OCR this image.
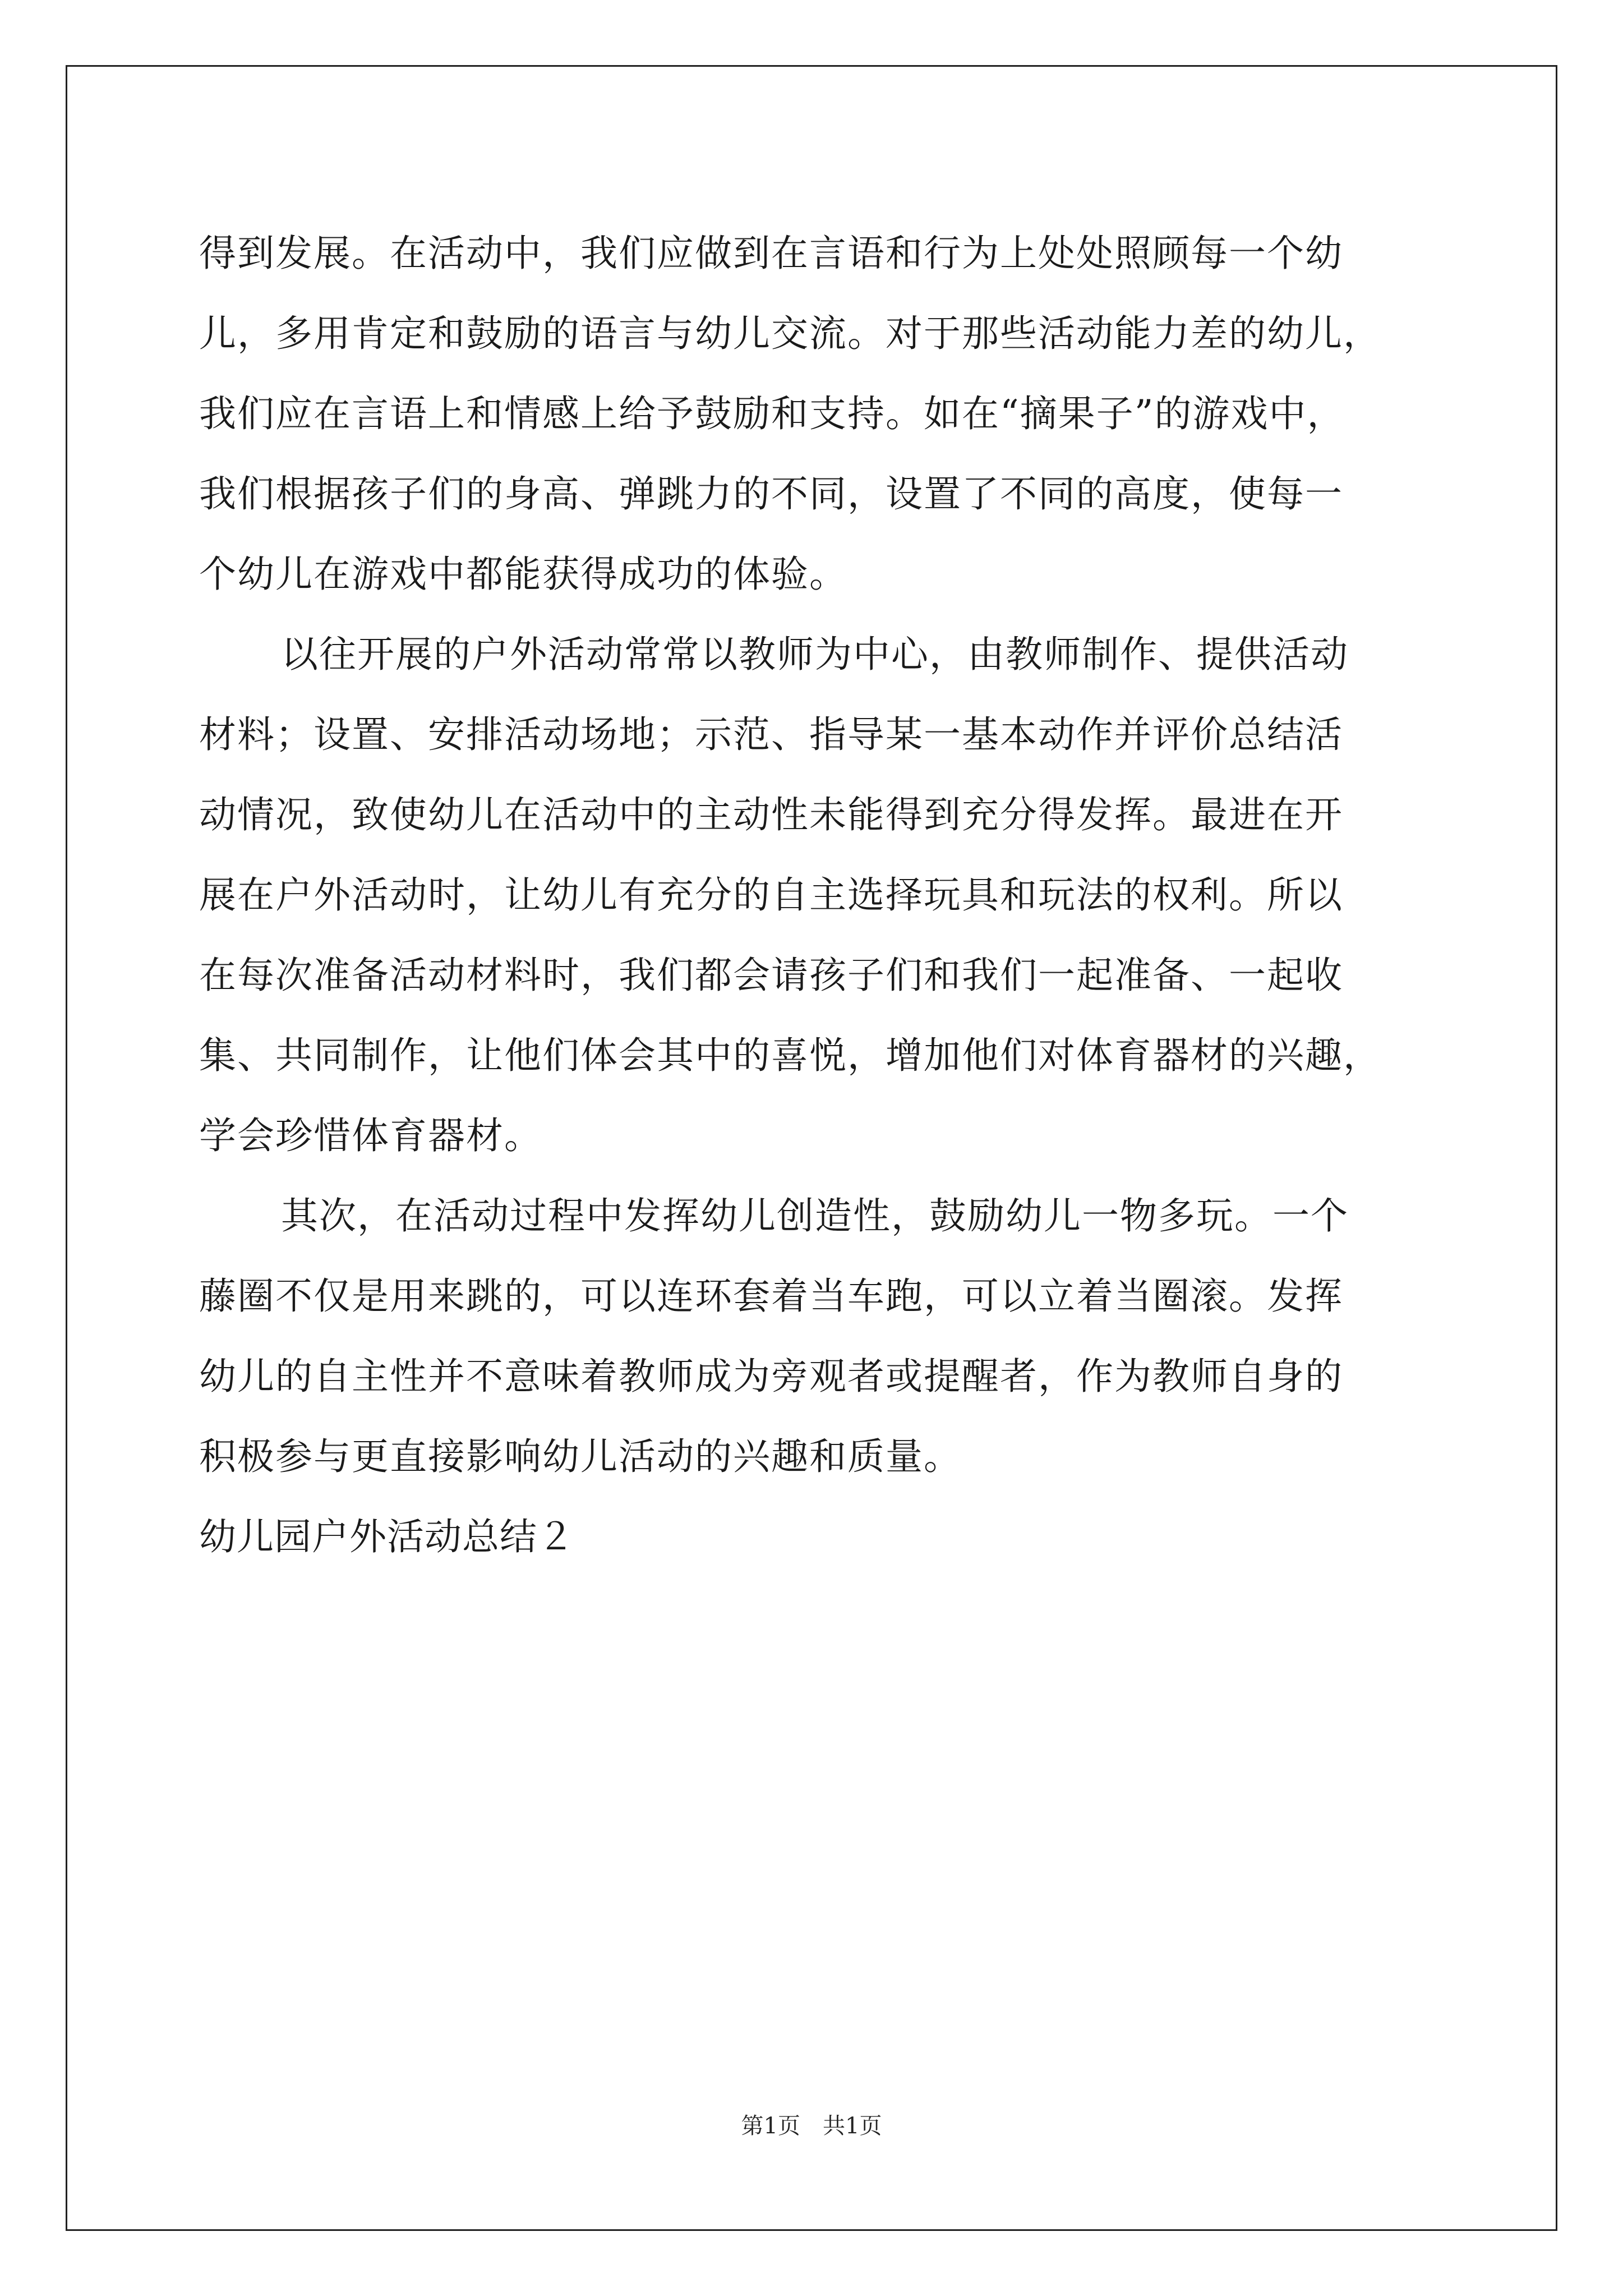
得到发展。在活动中，我们应做到在言语和行为上处处照顾每一个幼
儿，多用肯定和鼓励的语言与幼儿交流。对于那些活动能力差的幼儿，
我们应在言语上和情感上给予鼓励和支持。如在“摘果子”的游戏中，
我们根据孩子们的身高、弹跳力的不同，设置了不同的高度，使每一
个幼儿在游戏中都能获得成功的体验。
以往开展的户外活动常常以教师为中心，由教师制作、提供活动
材料；设置、安排活动场地；示范、指导某一基本动作并评价总结活
动情况，致使幼儿在活动中的主动性未能得到充分得发挥。最进在开
展在户外活动时，让幼儿有充分的自主选择玩具和玩法的权利。所以
在每次准备活动材料时，我们都会请孩子们和我们一起准备、一起收
集、共同制作，让他们体会其中的喜悦，增加他们对体育器材的兴趣，
学会珍惜体育器材。
其次，在活动过程中发挥幼儿创造性，鼓励幼儿一物多玩。一个
藤圈不仅是用来跳的，可以连环套着当车跑，可以立着当圈滚。发挥
幼儿的自主性并不意味着教师成为旁观者或提醒者，作为教师自身的
积极参与更直接影响幼儿活动的兴趣和质量。
幼儿园户外活动总结２
第1页 共1页
